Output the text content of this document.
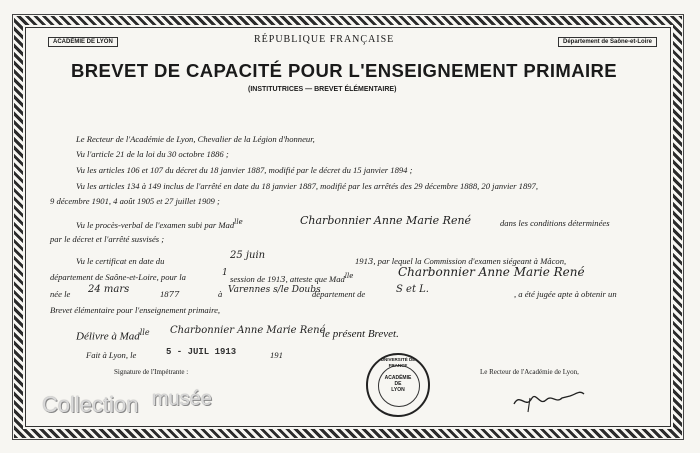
ACADÉMIE DE LYON	RÉPUBLIQUE FRANÇAISE	Département de Saône-et-Loire
BREVET DE CAPACITÉ POUR L'ENSEIGNEMENT PRIMAIRE
(INSTITUTRICES — BREVET ÉLÉMENTAIRE)
Le Recteur de l'Académie de Lyon, Chevalier de la Légion d'honneur,
Vu l'article 21 de la loi du 30 octobre 1886 ;
Vu les articles 106 et 107 du décret du 18 janvier 1887, modifié par le décret du 15 janvier 1894 ;
Vu les articles 134 à 149 inclus de l'arrêté en date du 18 janvier 1887, modifié par les arrêtés des 29 décembre 1888, 20 janvier 1897,
9 décembre 1901, 4 août 1905 et 27 juillet 1909 ;
Vu le procès-verbal de l'examen subi par Mad$^{lle}$	Charbonnier Anne Marie René	dans les conditions déterminées
par le décret et l'arrêté susvisés ;
Vu le certificat en date du	25 juin	1913, par lequel la Commission d'examen siégeant à Mâcon,
département de Saône-et-Loire, pour la	1
session de 1913, atteste que Mad$^{lle}$	Charbonnier Anne Marie René
née le 24 mars	1877	à Varennes s/le Doubs
département de	S et L.	, a été jugée apte à obtenir un
Brevet élémentaire pour l'enseignement primaire,
Délivre à Mad$^{lle}$ Charbonnier Anne Marie René
le présent Brevet.
Fait à Lyon, le	5 - JUIL 1913	191
Signature de l'Impétrante :	Le Recteur de l'Académie de Lyon,
UNIVERSITÉ DE FRANCE
ACADÉMIE
DE
LYON
Collection musée
